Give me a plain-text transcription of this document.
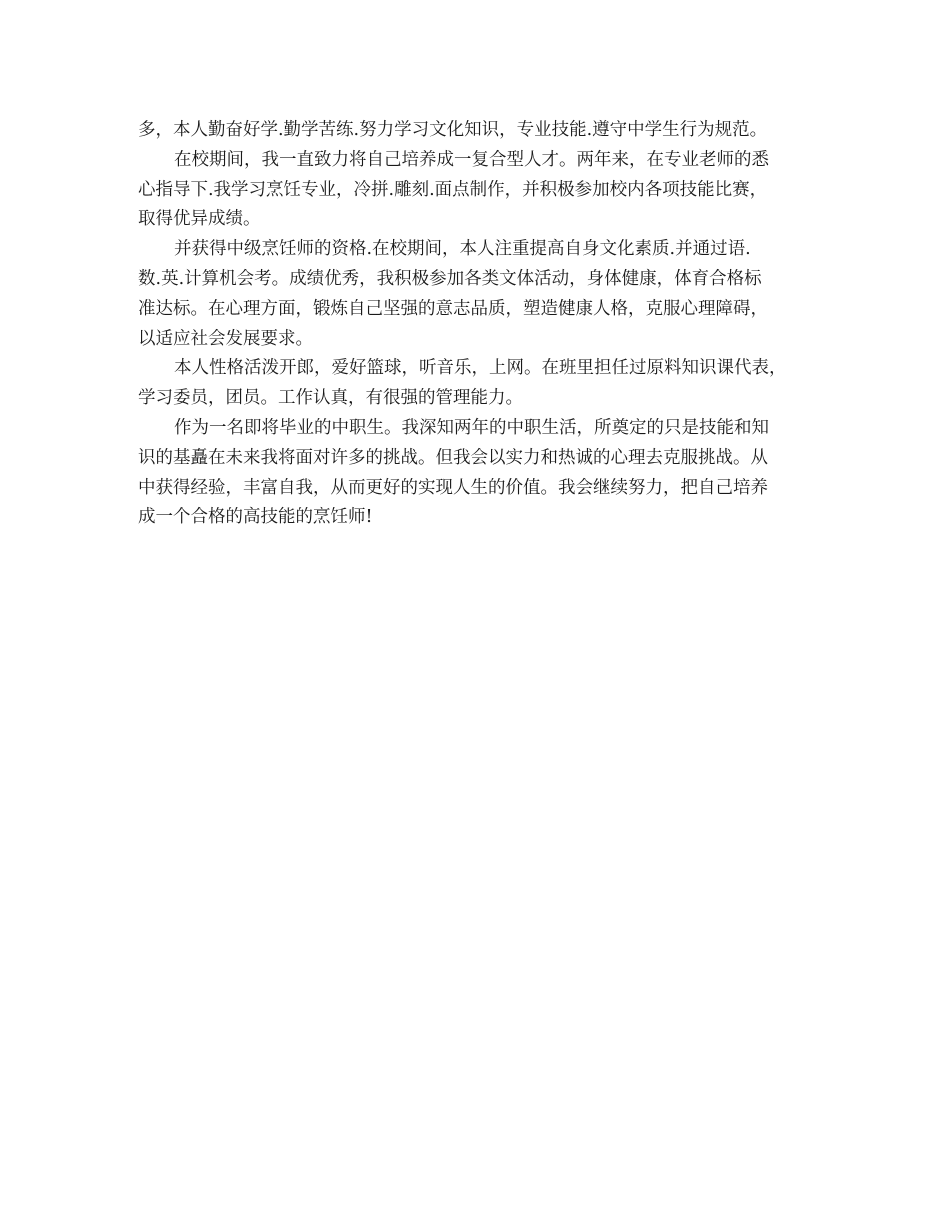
多，本人勤奋好学.勤学苦练.努力学习文化知识，专业技能.遵守中学生行为规范。
在校期间，我一直致力将自己培养成一复合型人才。两年来，在专业老师的悉
心指导下.我学习烹饪专业，冷拼.雕刻.面点制作，并积极参加校内各项技能比赛，
取得优异成绩。
并获得中级烹饪师的资格.在校期间，本人注重提高自身文化素质.并通过语.
数.英.计算机会考。成绩优秀，我积极参加各类文体活动，身体健康，体育合格标
准达标。在心理方面，锻炼自己坚强的意志品质，塑造健康人格，克服心理障碍，
以适应社会发展要求。
本人性格活泼开郎，爱好篮球，听音乐，上网。在班里担任过原料知识课代表，
学习委员，团员。工作认真，有很强的管理能力。
作为一名即将毕业的中职生。我深知两年的中职生活，所奠定的只是技能和知
识的基矗在未来我将面对许多的挑战。但我会以实力和热诚的心理去克服挑战。从
中获得经验，丰富自我，从而更好的实现人生的价值。我会继续努力，把自己培养
成一个合格的高技能的烹饪师!
